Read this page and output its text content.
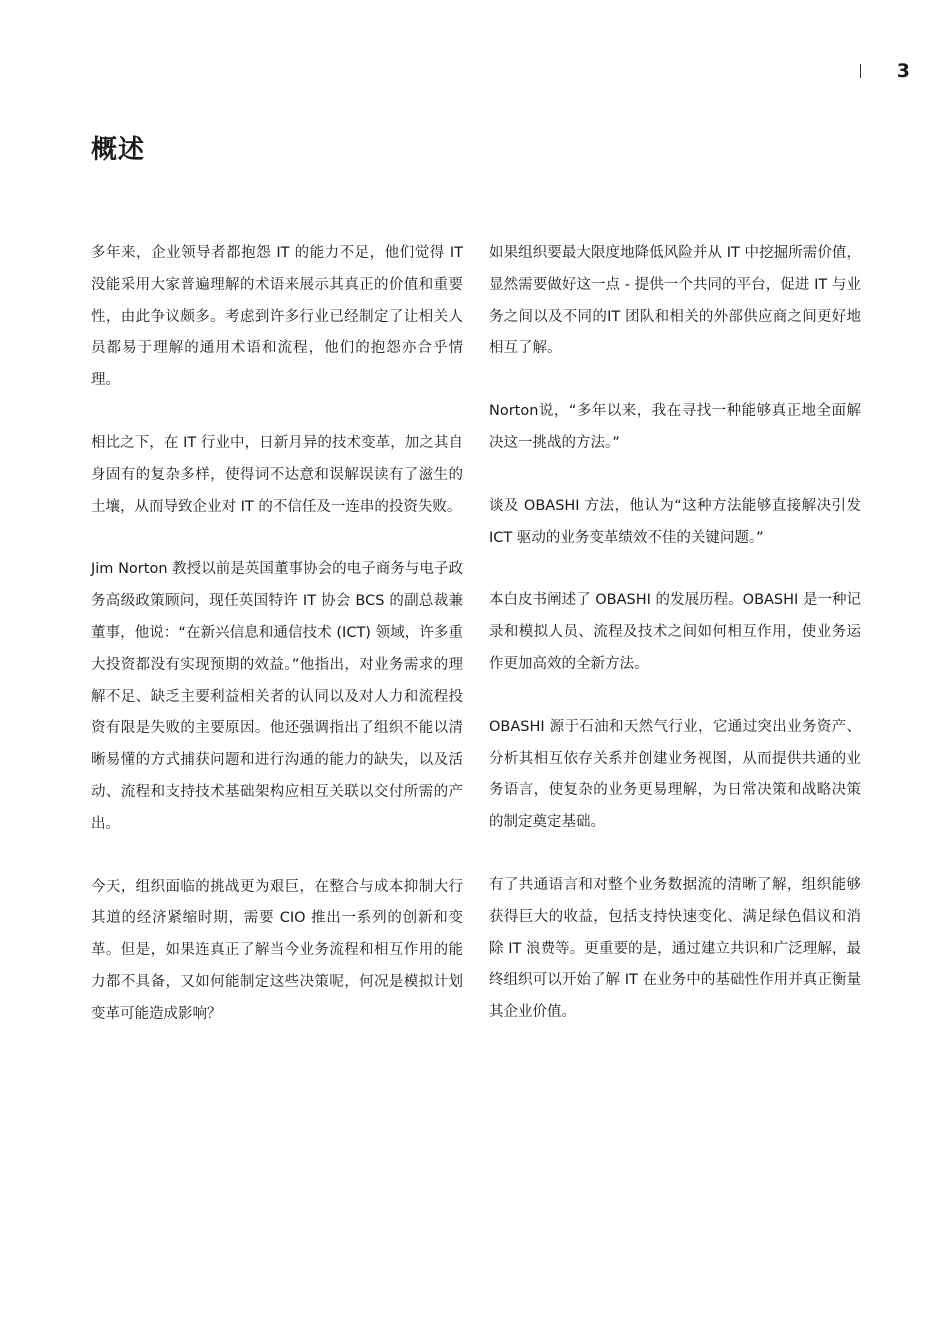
3
概述

多年来，企业领导者都抱怨 IT 的能力不足，他们觉得 IT 没能采用大家普遍理解的术语来展示其真正的价值和重要性，由此争议颇多。考虑到许多行业已经制定了让相关人员都易于理解的通用术语和流程，他们的抱怨亦合乎情理。

相比之下，在 IT 行业中，日新月异的技术变革，加之其自身固有的复杂多样，使得词不达意和误解误读有了滋生的土壤，从而导致企业对 IT 的不信任及一连串的投资失败。

Jim Norton 教授以前是英国董事协会的电子商务与电子政务高级政策顾问，现任英国特许 IT 协会 BCS 的副总裁兼董事，他说：“在新兴信息和通信技术 (ICT) 领域，许多重大投资都没有实现预期的效益。”他指出，对业务需求的理解不足、缺乏主要利益相关者的认同以及对人力和流程投资有限是失败的主要原因。他还强调指出了组织不能以清晰易懂的方式捕获问题和进行沟通的能力的缺失，以及活动、流程和支持技术基础架构应相互关联以交付所需的产出。

今天，组织面临的挑战更为艰巨，在整合与成本抑制大行其道的经济紧缩时期，需要 CIO 推出一系列的创新和变革。但是，如果连真正了解当今业务流程和相互作用的能力都不具备，又如何能制定这些决策呢，何况是模拟计划变革可能造成影响？

如果组织要最大限度地降低风险并从 IT 中挖掘所需价值，显然需要做好这一点 - 提供一个共同的平台，促进 IT 与业务之间以及不同的IT 团队和相关的外部供应商之间更好地相互了解。

Norton说，“多年以来，我在寻找一种能够真正地全面解决这一挑战的方法。”

谈及 OBASHI 方法，他认为“这种方法能够直接解决引发 ICT 驱动的业务变革绩效不佳的关键问题。”

本白皮书阐述了 OBASHI 的发展历程。OBASHI 是一种记录和模拟人员、流程及技术之间如何相互作用，使业务运作更加高效的全新方法。

OBASHI 源于石油和天然气行业，它通过突出业务资产、分析其相互依存关系并创建业务视图，从而提供共通的业务语言，使复杂的业务更易理解，为日常决策和战略决策的制定奠定基础。

有了共通语言和对整个业务数据流的清晰了解，组织能够获得巨大的收益，包括支持快速变化、满足绿色倡议和消除 IT 浪费等。更重要的是，通过建立共识和广泛理解，最终组织可以开始了解 IT 在业务中的基础性作用并真正衡量其企业价值。
